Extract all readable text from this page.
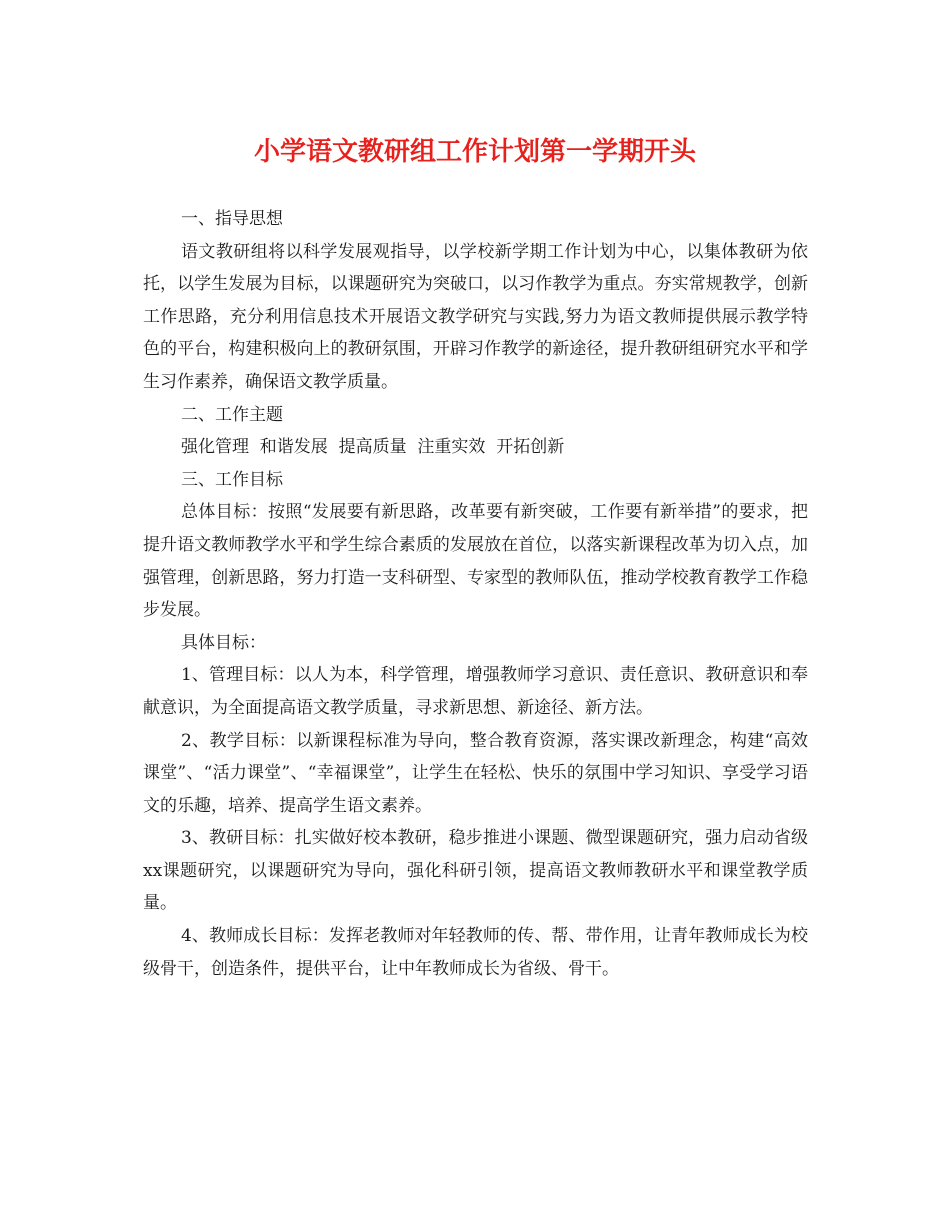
小学语文教研组工作计划第一学期开头

一、指导思想

语文教研组将以科学发展观指导，以学校新学期工作计划为中心，以集体教研为依托，以学生发展为目标，以课题研究为突破口，以习作教学为重点。夯实常规教学，创新工作思路，充分利用信息技术开展语文教学研究与实践,努力为语文教师提供展示教学特色的平台，构建积极向上的教研氛围，开辟习作教学的新途径，提升教研组研究水平和学生习作素养，确保语文教学质量。

二、工作主题

强化管理  和谐发展  提高质量  注重实效  开拓创新

三、工作目标

总体目标：按照“发展要有新思路，改革要有新突破，工作要有新举措”的要求，把提升语文教师教学水平和学生综合素质的发展放在首位，以落实新课程改革为切入点，加强管理，创新思路，努力打造一支科研型、专家型的教师队伍，推动学校教育教学工作稳步发展。

具体目标：

1、管理目标：以人为本，科学管理，增强教师学习意识、责任意识、教研意识和奉献意识，为全面提高语文教学质量，寻求新思想、新途径、新方法。

2、教学目标：以新课程标准为导向，整合教育资源，落实课改新理念，构建“高效课堂”、“活力课堂”、“幸福课堂”，让学生在轻松、快乐的氛围中学习知识、享受学习语文的乐趣，培养、提高学生语文素养。

3、教研目标：扎实做好校本教研，稳步推进小课题、微型课题研究，强力启动省级xx课题研究，以课题研究为导向，强化科研引领，提高语文教师教研水平和课堂教学质量。

4、教师成长目标：发挥老教师对年轻教师的传、帮、带作用，让青年教师成长为校级骨干，创造条件，提供平台，让中年教师成长为省级、骨干。
